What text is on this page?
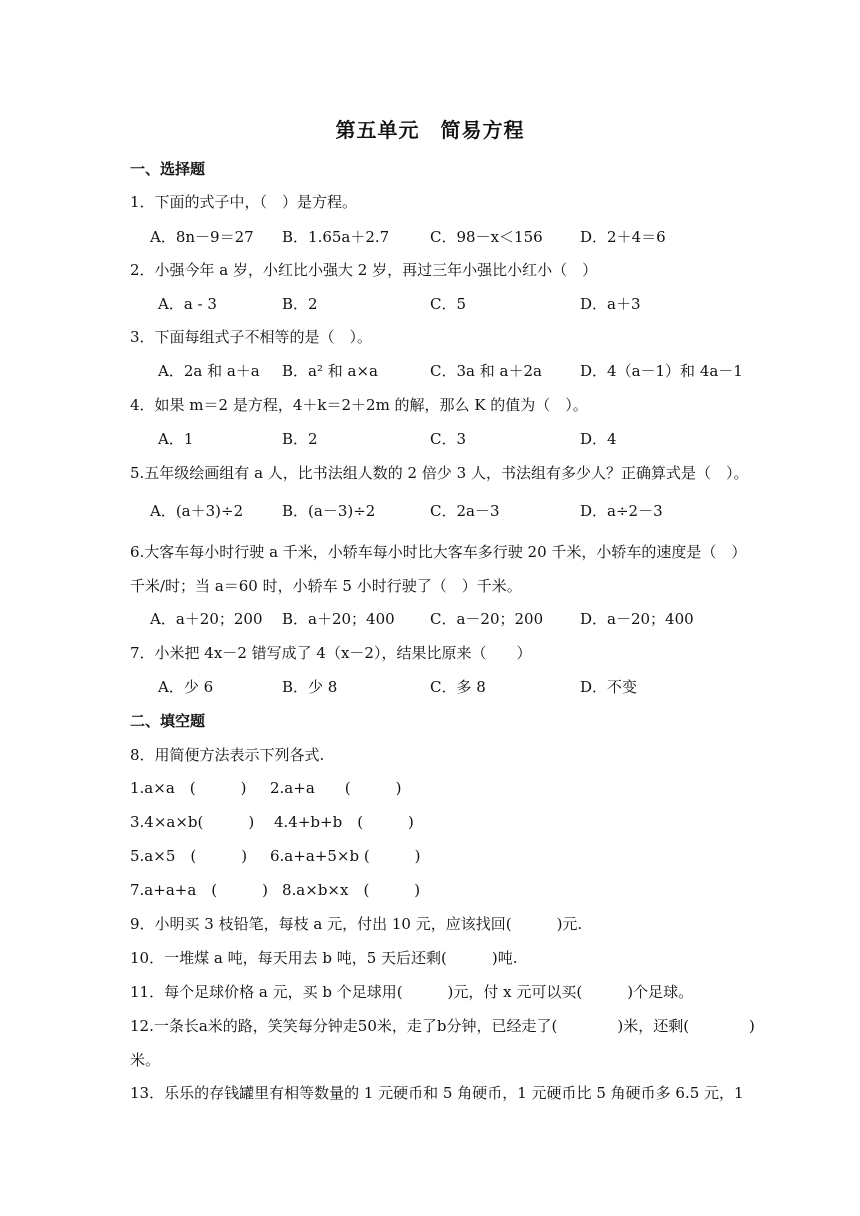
第五单元　简易方程
一、选择题
1．下面的式子中，（　）是方程。
A．8n－9＝27 B．1.65a＋2.7	C．98－x＜156 D．2＋4＝6
2．小强今年 a 岁，小红比小强大 2 岁，再过三年小强比小红小（　）
A．a - 3	B．2	C．5	D．a＋3
3．下面每组式子不相等的是（　）。
A．2a 和 a＋a B．a² 和 a×a	C．3a 和 a＋2a	D．4（a－1）和 4a－1
4．如果 m＝2 是方程，4＋k＝2＋2m 的解，那么 K 的值为（　）。
A．1	B．2	C．3	D．4
5.五年级绘画组有 a 人，比书法组人数的 2 倍少 3 人，书法组有多少人？正确算式是（　）。
A．(a＋3)÷2	B．(a－3)÷2	C．2a－3	D．a÷2－3
6.大客车每小时行驶 a 千米，小轿车每小时比大客车多行驶 20 千米，小轿车的速度是（　）
千米/时；当 a＝60 时，小轿车 5 小时行驶了（　）千米。
A．a＋20；200 B．a＋20；400 C．a－20；200 D．a－20；400
7．小米把 4x－2 错写成了 4（x－2），结果比原来（　　）
A．少 6	B．少 8	C．多 8	D．不变
二、填空题
8．用简便方法表示下列各式.
1.a×a　(　　　) 2.a+a　　(　　　)
3.4×a×b(　　　) 4.4+b+b　(　　　)
5.a×5　(　　　) 6.a+a+5×b (　　　)
7.a+a+a　(　　　) 8.a×b×x　(　　　)
9．小明买 3 枝铅笔，每枝 a 元，付出 10 元，应该找回(　　　)元.
10．一堆煤 a 吨，每天用去 b 吨，5 天后还剩(　　　)吨.
11．每个足球价格 a 元，买 b 个足球用(　　　)元，付 x 元可以买(　　　)个足球。
12.一条长a米的路，笑笑每分钟走50米，走了b分钟，已经走了(　　　　)米，还剩(　　　　)
米。
13．乐乐的存钱罐里有相等数量的 1 元硬币和 5 角硬币，1 元硬币比 5 角硬币多 6.5 元，1
